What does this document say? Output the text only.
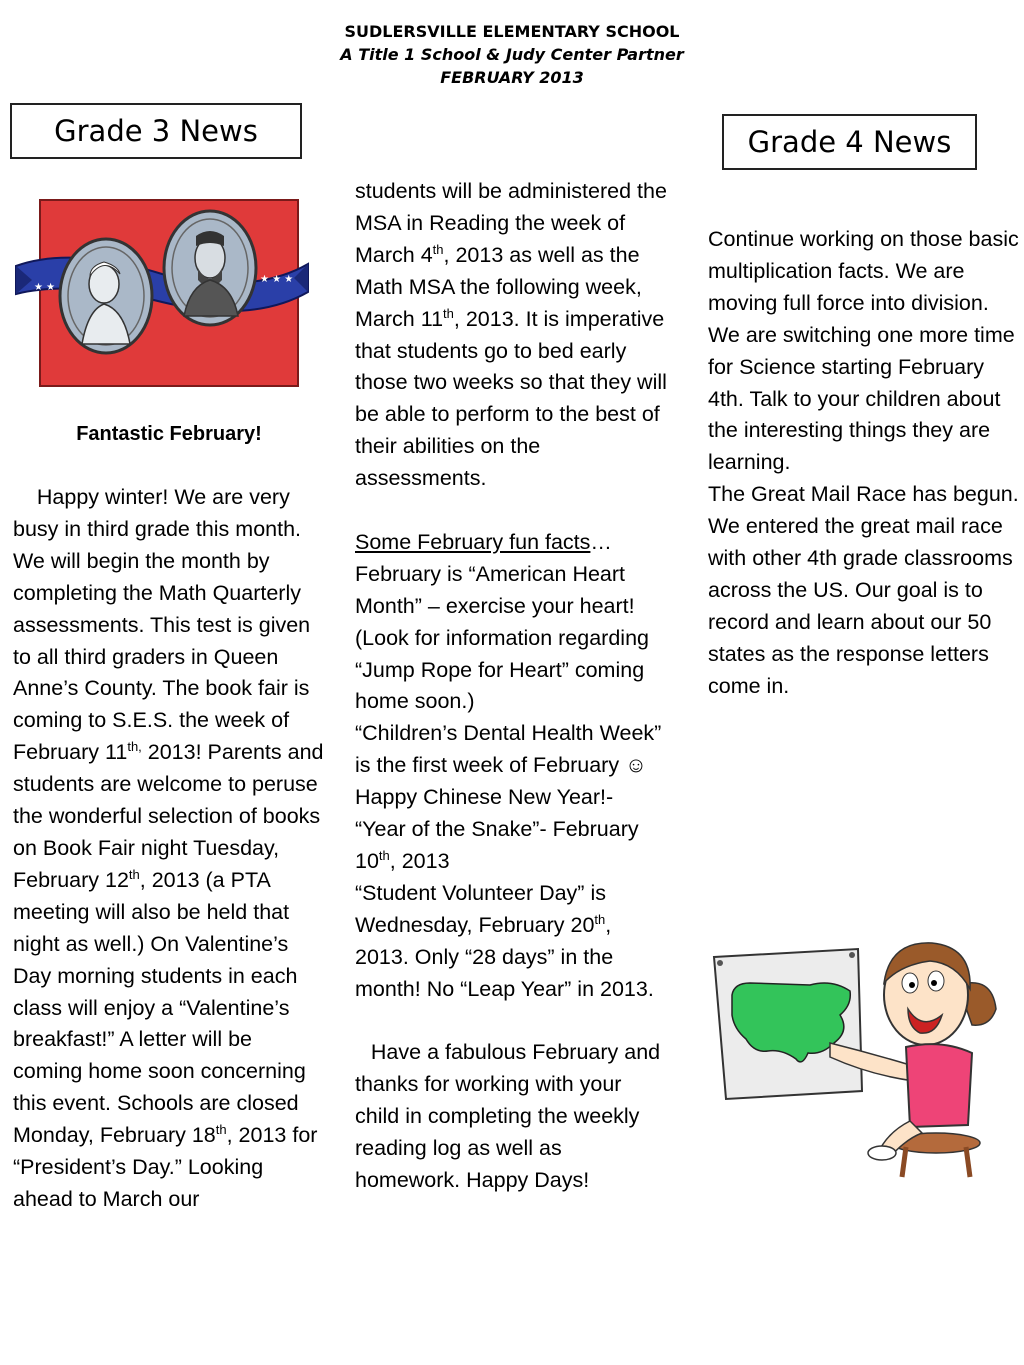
SUDLERSVILLE ELEMENTARY SCHOOL
A Title 1 School & Judy Center Partner
FEBRUARY 2013
Grade 3 News	Grade 4 News
★ ★
★ ★ ★
Fantastic February!
Happy winter! We are very busy in third grade this month. We will begin the month by completing the Math Quarterly assessments. This test is given to all third graders in Queen Anne’s County. The book fair is coming to S.E.S. the week of February $11^{th,}$ 2013! Parents and students are welcome to peruse the wonderful selection of books on Book Fair night Tuesday, February 12th, 2013 (a PTA meeting will also be held that night as well.) On Valentine’s Day morning students in each class will enjoy a “Valentine’s breakfast!” A letter will be coming home soon concerning this event. Schools are closed Monday, February 18th, 2013 for “President’s Day.” Looking ahead to March our
students will be administered the MSA in Reading the week of March 4th, 2013 as well as the Math MSA the following week, March 11th, 2013. It is imperative that students go to bed early those two weeks so that they will be able to perform to the best of their abilities on the assessments.
Some February fun facts…
February is “American Heart Month” – exercise your heart! (Look for information regarding “Jump Rope for Heart” coming home soon.)
“Children’s Dental Health Week” is the first week of February ☺
Happy Chinese New Year!- “Year of the Snake”- February 10th, 2013
“Student Volunteer Day” is Wednesday, February 20th, 2013. Only “28 days” in the month! No “Leap Year” in 2013.
Have a fabulous February and thanks for working with your child in completing the weekly reading log as well as homework. Happy Days!
Continue working on those basic multiplication facts. We are moving full force into division.
We are switching one more time for Science starting February 4th. Talk to your children about the interesting things they are learning.
The Great Mail Race has begun. We entered the great mail race with other 4th grade classrooms across the US. Our goal is to record and learn about our 50 states as the response letters come in.
